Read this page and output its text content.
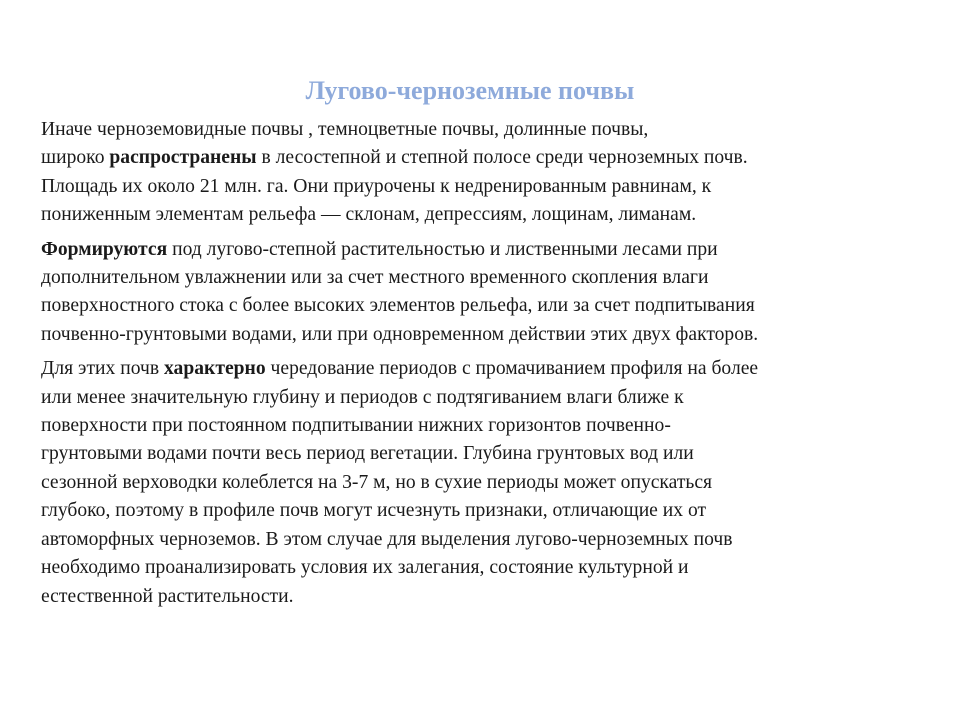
Лугово-черноземные почвы

Иначе черноземовидные почвы , темноцветные почвы, долинные почвы,
широко распространены в лесостепной и степной полосе среди черноземных почв.
Площадь их около 21 млн. га. Они приурочены к недренированным равнинам, к
пониженным элементам рельефа — склонам, депрессиям, лощинам, лиманам.

Формируются под лугово-степной растительностью и лиственными лесами при
дополнительном увлажнении или за счет местного временного скопления влаги
поверхностного стока с более высоких элементов рельефа, или за счет подпитывания
почвенно-грунтовыми водами, или при одновременном действии этих двух факторов.

Для этих почв характерно чередование периодов с промачиванием профиля на более
или менее значительную глубину и периодов с подтягиванием влаги ближе к
поверхности при постоянном подпитывании нижних горизонтов почвенно-
грунтовыми водами почти весь период вегетации. Глубина грунтовых вод или
сезонной верховодки колеблется на 3-7 м, но в сухие периоды может опускаться
глубоко, поэтому в профиле почв могут исчезнуть признаки, отличающие их от
автоморфных черноземов. В этом случае для выделения лугово-черноземных почв
необходимо проанализировать условия их залегания, состояние культурной и
естественной растительности.
